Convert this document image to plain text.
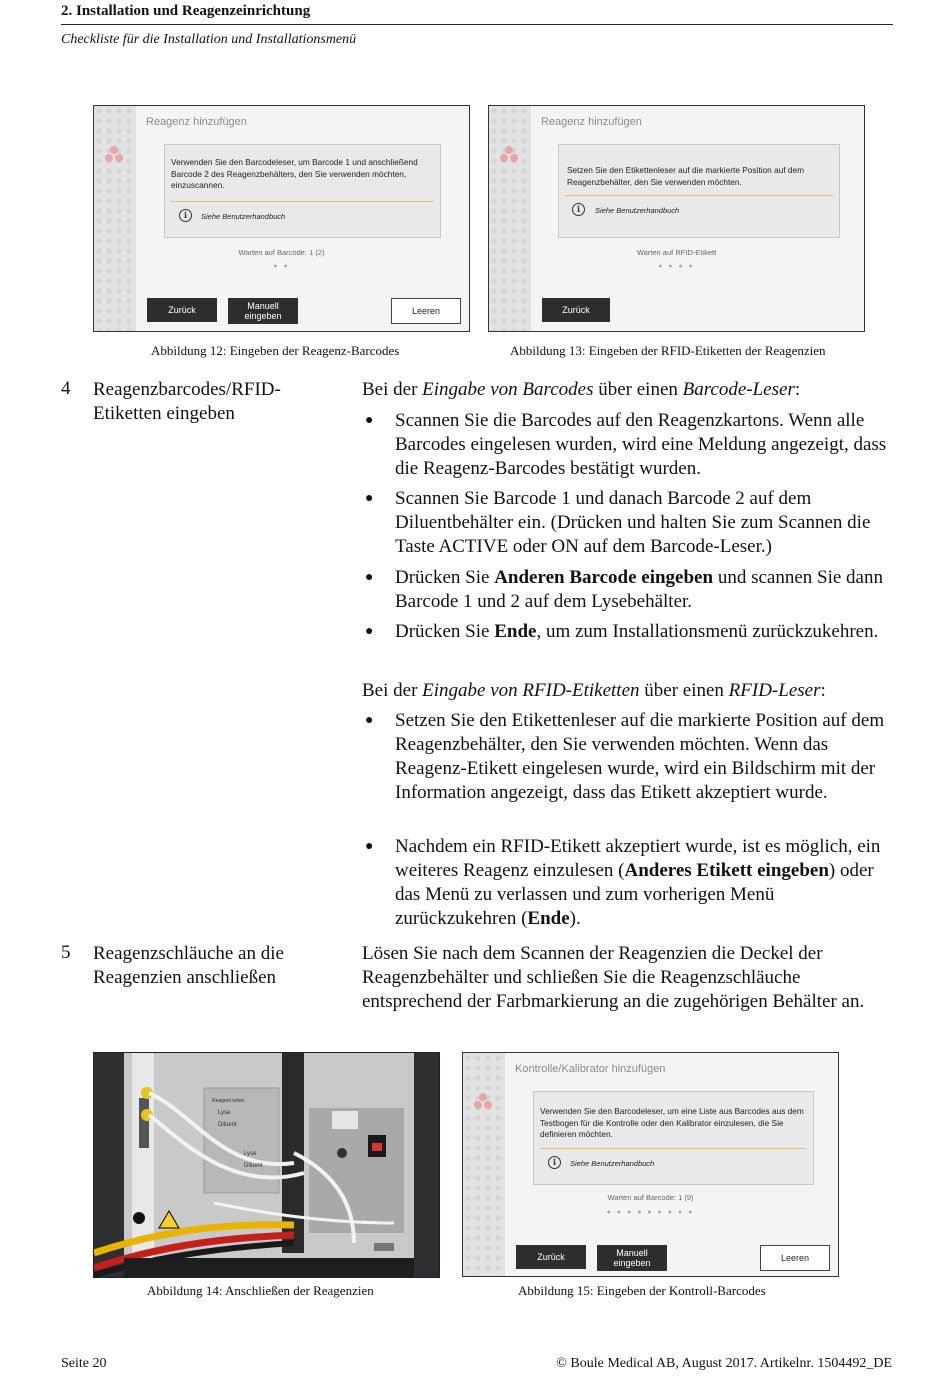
2. Installation und Reagenzeinrichtung
Checkliste für die Installation und Installationsmenü
Reagenz hinzufügen
Verwenden Sie den Barcodeleser, um Barcode 1 und anschließend Barcode 2 des Reagenzbehälters, den Sie verwenden möchten, einzuscannen.
i	Siehe Benutzerhandbuch
Warten auf Barcode: 1 (2)
● ●
Zurück	Manuell eingeben	Leeren
Abbildung 12: Eingeben der Reagenz-Barcodes
Reagenz hinzufügen
Setzen Sie den Etikettenleser auf die markierte Position auf dem Reagenzbehälter, den Sie verwenden möchten.
i	Siehe Benutzerhandbuch
Warten auf RFID-Etikett
● ● ● ●
Zurück
Abbildung 13: Eingeben der RFID-Etiketten der Reagenzien
4 Reagenzbarcodes/RFID-Etiketten eingeben
Bei der Eingabe von Barcodes über einen Barcode-Leser:
● Scannen Sie die Barcodes auf den Reagenzkartons. Wenn alle Barcodes eingelesen wurden, wird eine Meldung angezeigt, dass die Reagenz-Barcodes bestätigt wurden.
● Scannen Sie Barcode 1 und danach Barcode 2 auf dem Diluentbehälter ein. (Drücken und halten Sie zum Scannen die Taste ACTIVE oder ON auf dem Barcode-Leser.)
● Drücken Sie Anderen Barcode eingeben und scannen Sie dann Barcode 1 und 2 auf dem Lysebehälter.
● Drücken Sie Ende, um zum Installationsmenü zurückzukehren.
Bei der Eingabe von RFID-Etiketten über einen RFID-Leser:
● Setzen Sie den Etikettenleser auf die markierte Position auf dem Reagenzbehälter, den Sie verwenden möchten. Wenn das Reagenz-Etikett eingelesen wurde, wird ein Bildschirm mit der Information angezeigt, dass das Etikett akzeptiert wurde.
● Nachdem ein RFID-Etikett akzeptiert wurde, ist es möglich, ein weiteres Reagenz einzulesen (Anderes Etikett eingeben) oder das Menü zu verlassen und zum vorherigen Menü zurückzukehren (Ende).
5 Reagenzschläuche an die Reagenzien anschließen
Lösen Sie nach dem Scannen der Reagenzien die Deckel der Reagenzbehälter und schließen Sie die Reagenzschläuche entsprechend der Farbmarkierung an die zugehörigen Behälter an.
Reagent tubes
Lyse
Diluent
Lyse
Diluent
Abbildung 14: Anschließen der Reagenzien
Kontrolle/Kalibrator hinzufügen
Verwenden Sie den Barcodeleser, um eine Liste aus Barcodes aus dem Testbogen für die Kontrolle oder den Kalibrator einzulesen, die Sie definieren möchten.
i	Siehe Benutzerhandbuch
Warten auf Barcode: 1 (9)
● ● ● ● ● ● ● ● ●
Zurück	Manuell eingeben	Leeren
Abbildung 15: Eingeben der Kontroll-Barcodes
Seite 20	© Boule Medical AB, August 2017. Artikelnr. 1504492_DE
